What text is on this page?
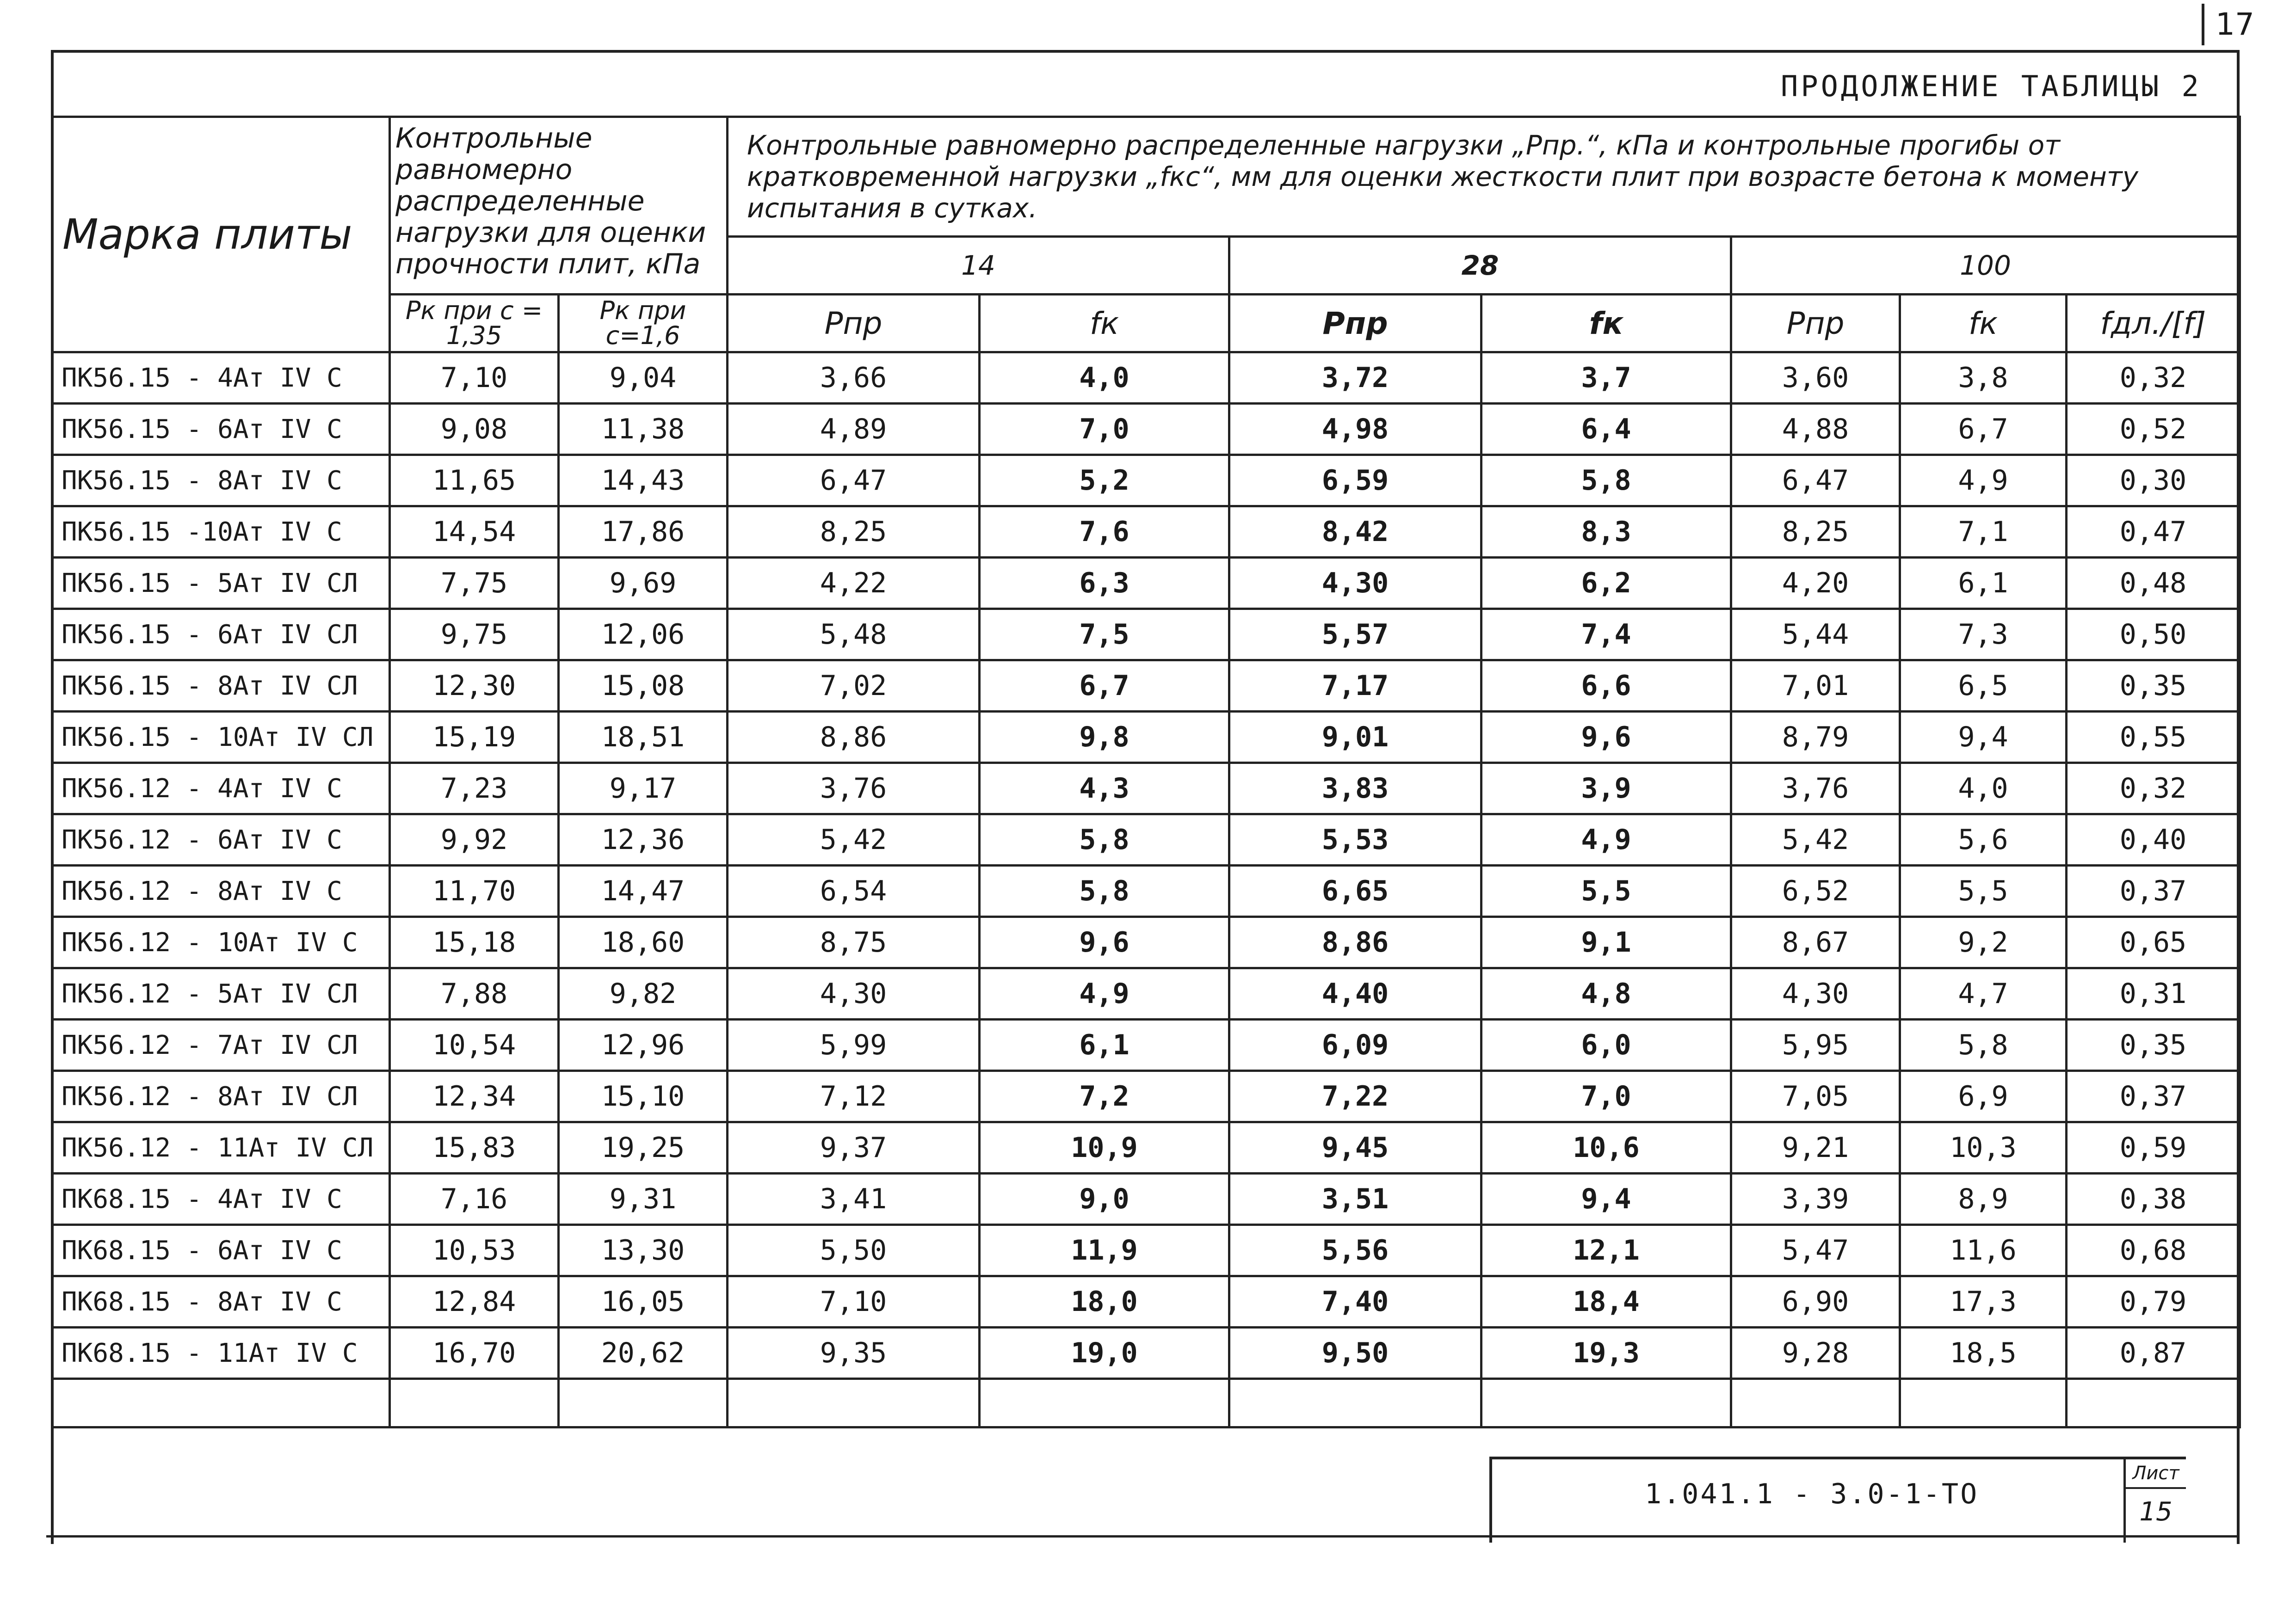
17
ПРОДОЛЖЕНИЕ ТАБЛИЦЫ 2
Марка плиты	Контрольные равномерно распределенные нагрузки для оценки прочности плит, кПа		Контрольные равномерно распределенные нагрузки „Pпр.“, кПа и контрольные прогибы от кратковременной нагрузки „fкс“, мм для оценки жесткости плит при возрасте бетона к моменту испытания в сутках.						
			14		28		100		
	Pк при c = 1,35	Pк при c=1,6	Pпр	fк	Pпр	fк	Pпр	fк	fдл./[f]
ПК56.15 - 4Ат IV С	7,10	9,04	3,66	4,0	3,72	3,7	3,60	3,8	0,32
ПК56.15 - 6Ат IV С	9,08	11,38	4,89	7,0	4,98	6,4	4,88	6,7	0,52
ПК56.15 - 8Ат IV С	11,65	14,43	6,47	5,2	6,59	5,8	6,47	4,9	0,30
ПК56.15 -10Ат IV С	14,54	17,86	8,25	7,6	8,42	8,3	8,25	7,1	0,47
ПК56.15 - 5Ат IV СЛ	7,75	9,69	4,22	6,3	4,30	6,2	4,20	6,1	0,48
ПК56.15 - 6Ат IV СЛ	9,75	12,06	5,48	7,5	5,57	7,4	5,44	7,3	0,50
ПК56.15 - 8Ат IV СЛ	12,30	15,08	7,02	6,7	7,17	6,6	7,01	6,5	0,35
ПК56.15 - 10Ат IV СЛ	15,19	18,51	8,86	9,8	9,01	9,6	8,79	9,4	0,55
ПК56.12 - 4Ат IV С	7,23	9,17	3,76	4,3	3,83	3,9	3,76	4,0	0,32
ПК56.12 - 6Ат IV С	9,92	12,36	5,42	5,8	5,53	4,9	5,42	5,6	0,40
ПК56.12 - 8Ат IV С	11,70	14,47	6,54	5,8	6,65	5,5	6,52	5,5	0,37
ПК56.12 - 10Ат IV С	15,18	18,60	8,75	9,6	8,86	9,1	8,67	9,2	0,65
ПК56.12 - 5Ат IV СЛ	7,88	9,82	4,30	4,9	4,40	4,8	4,30	4,7	0,31
ПК56.12 - 7Ат IV СЛ	10,54	12,96	5,99	6,1	6,09	6,0	5,95	5,8	0,35
ПК56.12 - 8Ат IV СЛ	12,34	15,10	7,12	7,2	7,22	7,0	7,05	6,9	0,37
ПК56.12 - 11Ат IV СЛ	15,83	19,25	9,37	10,9	9,45	10,6	9,21	10,3	0,59
ПК68.15 - 4Ат IV С	7,16	9,31	3,41	9,0	3,51	9,4	3,39	8,9	0,38
ПК68.15 - 6Ат IV С	10,53	13,30	5,50	11,9	5,56	12,1	5,47	11,6	0,68
ПК68.15 - 8Ат IV С	12,84	16,05	7,10	18,0	7,40	18,4	6,90	17,3	0,79
ПК68.15 - 11Ат IV С	16,70	20,62	9,35	19,0	9,50	19,3	9,28	18,5	0,87

1.041.1 - 3.0-1-ТО
Лист
15
